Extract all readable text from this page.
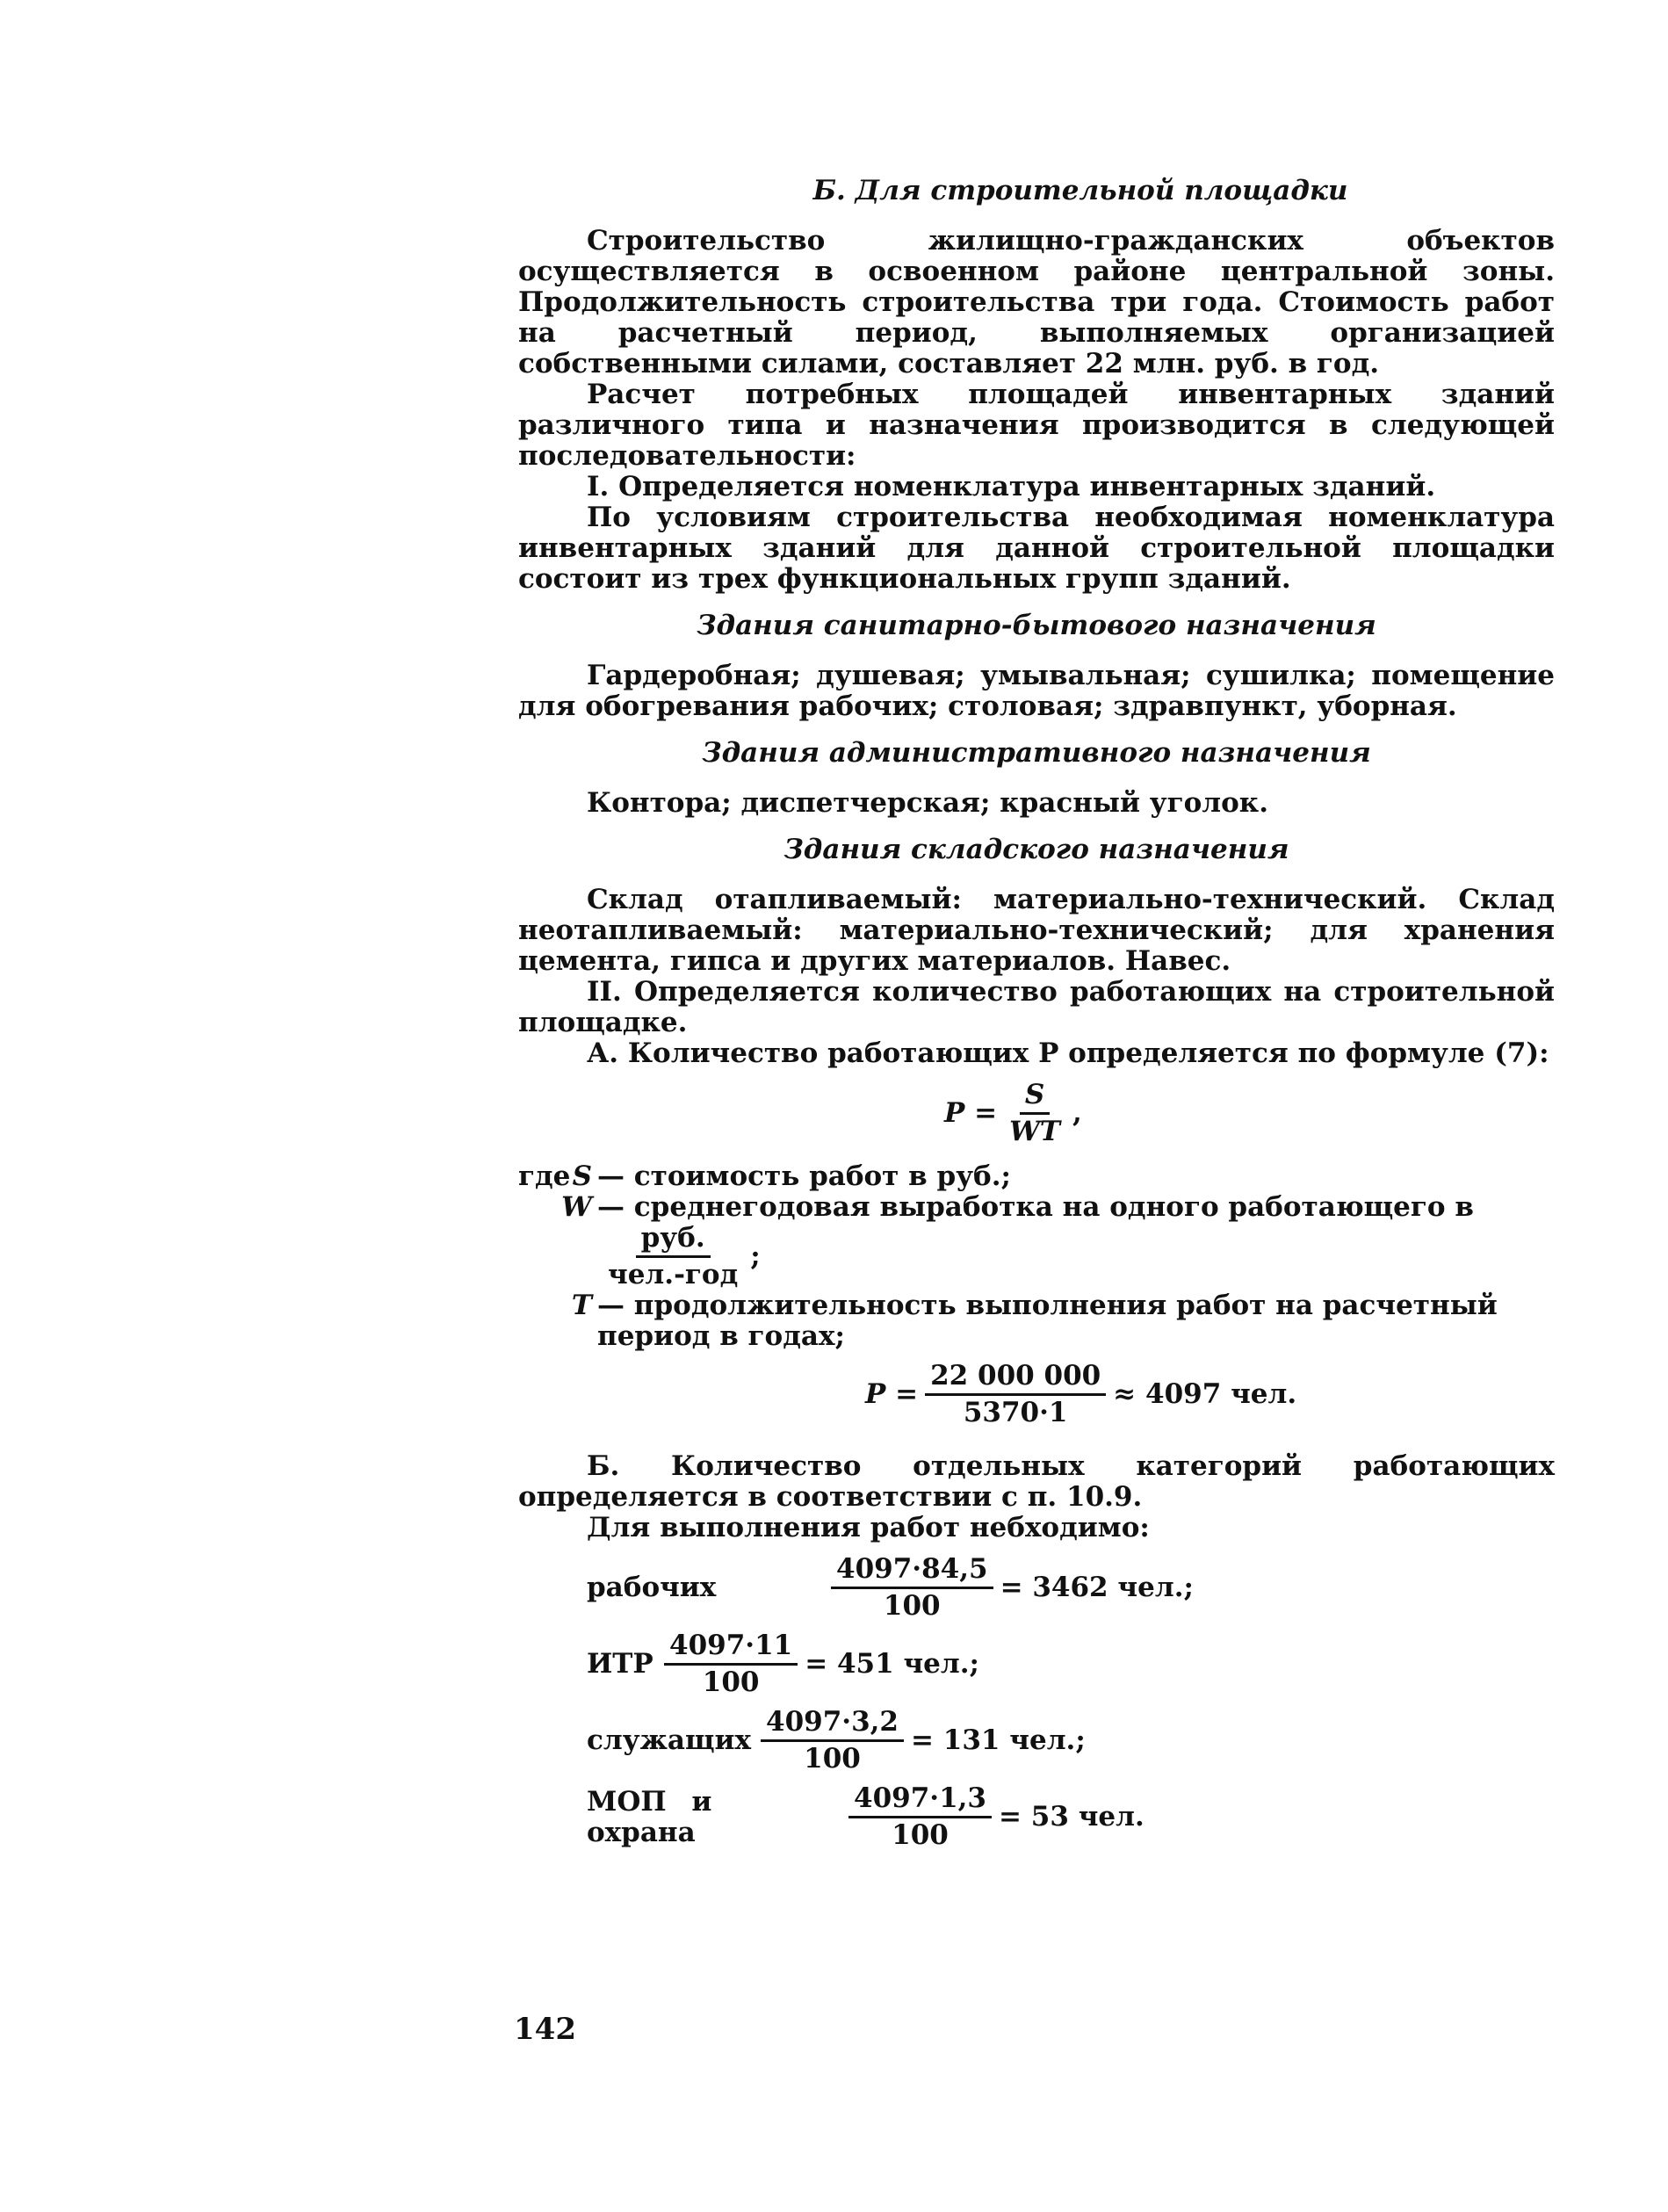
Б. Для строительной площадки

Строительство жилищно-гражданских объектов осуществляется в освоенном районе центральной зоны. Продолжительность строительства три года. Стоимость работ на расчетный период, выполняемых организацией собственными силами, составляет 22 млн. руб. в год.

Расчет потребных площадей инвентарных зданий различного типа и назначения производится в следующей последовательности:

I. Определяется номенклатура инвентарных зданий.

По условиям строительства необходимая номенклатура инвентарных зданий для данной строительной площадки состоит из трех функциональных групп зданий.

Здания санитарно-бытового назначения

Гардеробная; душевая; умывальная; сушилка; помещение для обогревания рабочих; столовая; здравпункт, уборная.

Здания административного назначения

Контора; диспетчерская; красный уголок.

Здания складского назначения

Склад отапливаемый: материально-технический. Склад неотапливаемый: материально-технический; для хранения цемента, гипса и других материалов. Навес.

II. Определяется количество работающих на строительной площадке.

А. Количество работающих P определяется по формуле (7):

$P = \frac{S}{WT}$ ,
где S — стоимость работ в руб.;
W — среднегодовая выработка на одного работающего в
$\frac{\text{руб.}}{\text{чел.-год}}$ ;
T — продолжительность выполнения работ на расчетный период в годах;
$P = \frac{22 000 000}{5370\cdot 1} \approx 4097$ чел.

Б. Количество отдельных категорий работающих определяется в соответствии с п. 10.9.

Для выполнения работ небходимо:

рабочих	$\frac{4097\cdot 84,5}{100} = 3462$ чел.;
ИТР $\frac{4097\cdot 11}{100} = 451$ чел.;
служащих $\frac{4097\cdot 3,2}{100} = 131$ чел.;
МОП и охрана	$\frac{4097\cdot 1,3}{100} = 53$ чел.
142
